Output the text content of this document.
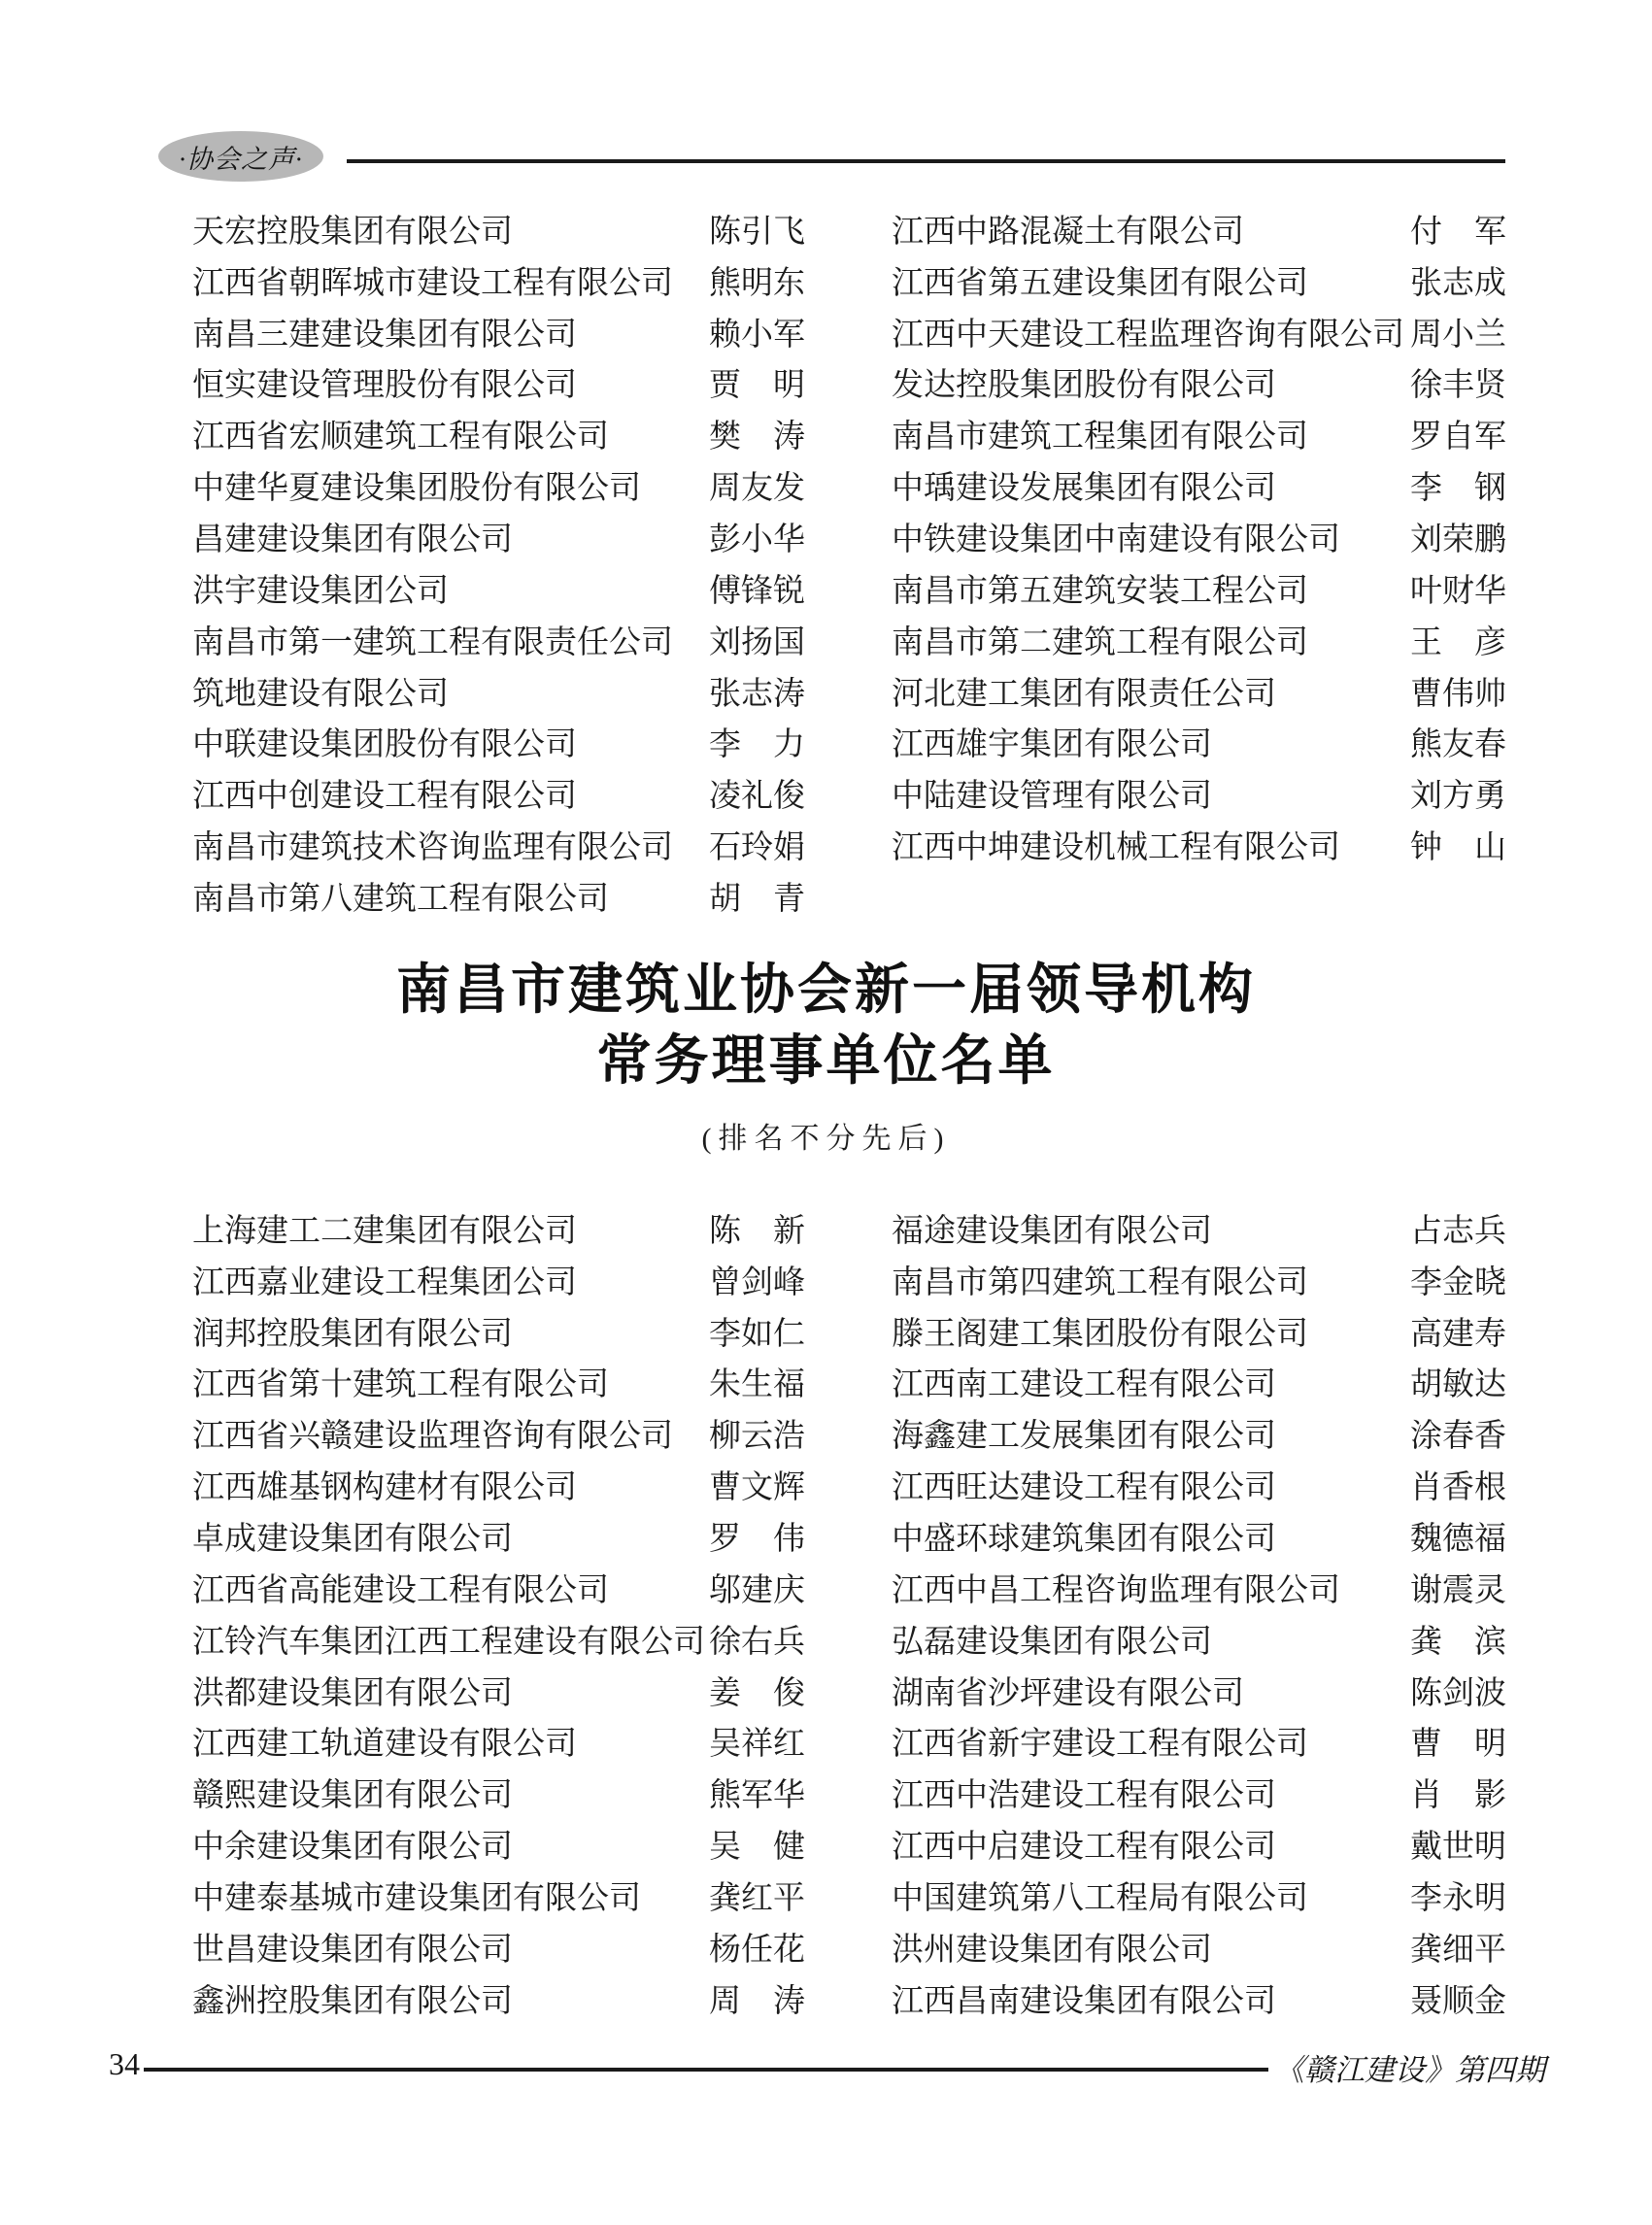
·协会之声·
天宏控股集团有限公司	陈引飞	江西中路混凝土有限公司	付　军
江西省朝晖城市建设工程有限公司	熊明东	江西省第五建设集团有限公司	张志成
南昌三建建设集团有限公司	赖小军	江西中天建设工程监理咨询有限公司 周小兰
恒实建设管理股份有限公司	贾　明	发达控股集团股份有限公司	徐丰贤
江西省宏顺建筑工程有限公司	樊　涛	南昌市建筑工程集团有限公司	罗自军
中建华夏建设集团股份有限公司	周友发	中瑀建设发展集团有限公司	李　钢
昌建建设集团有限公司	彭小华	中铁建设集团中南建设有限公司	刘荣鹏
洪宇建设集团公司	傅锋锐	南昌市第五建筑安装工程公司	叶财华
南昌市第一建筑工程有限责任公司	刘扬国	南昌市第二建筑工程有限公司	王　彦
筑地建设有限公司	张志涛	河北建工集团有限责任公司	曹伟帅
中联建设集团股份有限公司	李　力	江西雄宇集团有限公司	熊友春
江西中创建设工程有限公司	凌礼俊	中陆建设管理有限公司	刘方勇
南昌市建筑技术咨询监理有限公司	石玲娟	江西中坤建设机械工程有限公司	钟　山
南昌市第八建筑工程有限公司	胡　青
南昌市建筑业协会新一届领导机构
常务理事单位名单
(排名不分先后)
上海建工二建集团有限公司	陈　新	福途建设集团有限公司	占志兵
江西嘉业建设工程集团公司	曾剑峰	南昌市第四建筑工程有限公司	李金晓
润邦控股集团有限公司	李如仁	滕王阁建工集团股份有限公司	高建寿
江西省第十建筑工程有限公司	朱生福	江西南工建设工程有限公司	胡敏达
江西省兴赣建设监理咨询有限公司	柳云浩	海鑫建工发展集团有限公司	涂春香
江西雄基钢构建材有限公司	曹文辉	江西旺达建设工程有限公司	肖香根
卓成建设集团有限公司	罗　伟	中盛环球建筑集团有限公司	魏德福
江西省高能建设工程有限公司	邬建庆	江西中昌工程咨询监理有限公司	谢震灵
江铃汽车集团江西工程建设有限公司 徐右兵	弘磊建设集团有限公司	龚　滨
洪都建设集团有限公司	姜　俊	湖南省沙坪建设有限公司	陈剑波
江西建工轨道建设有限公司	吴祥红	江西省新宇建设工程有限公司	曹　明
赣熙建设集团有限公司	熊军华	江西中浩建设工程有限公司	肖　影
中余建设集团有限公司	吴　健	江西中启建设工程有限公司	戴世明
中建泰基城市建设集团有限公司	龚红平	中国建筑第八工程局有限公司	李永明
世昌建设集团有限公司	杨任花	洪州建设集团有限公司	龚细平
鑫洲控股集团有限公司	周　涛	江西昌南建设集团有限公司	聂顺金
34	《赣江建设》第四期
